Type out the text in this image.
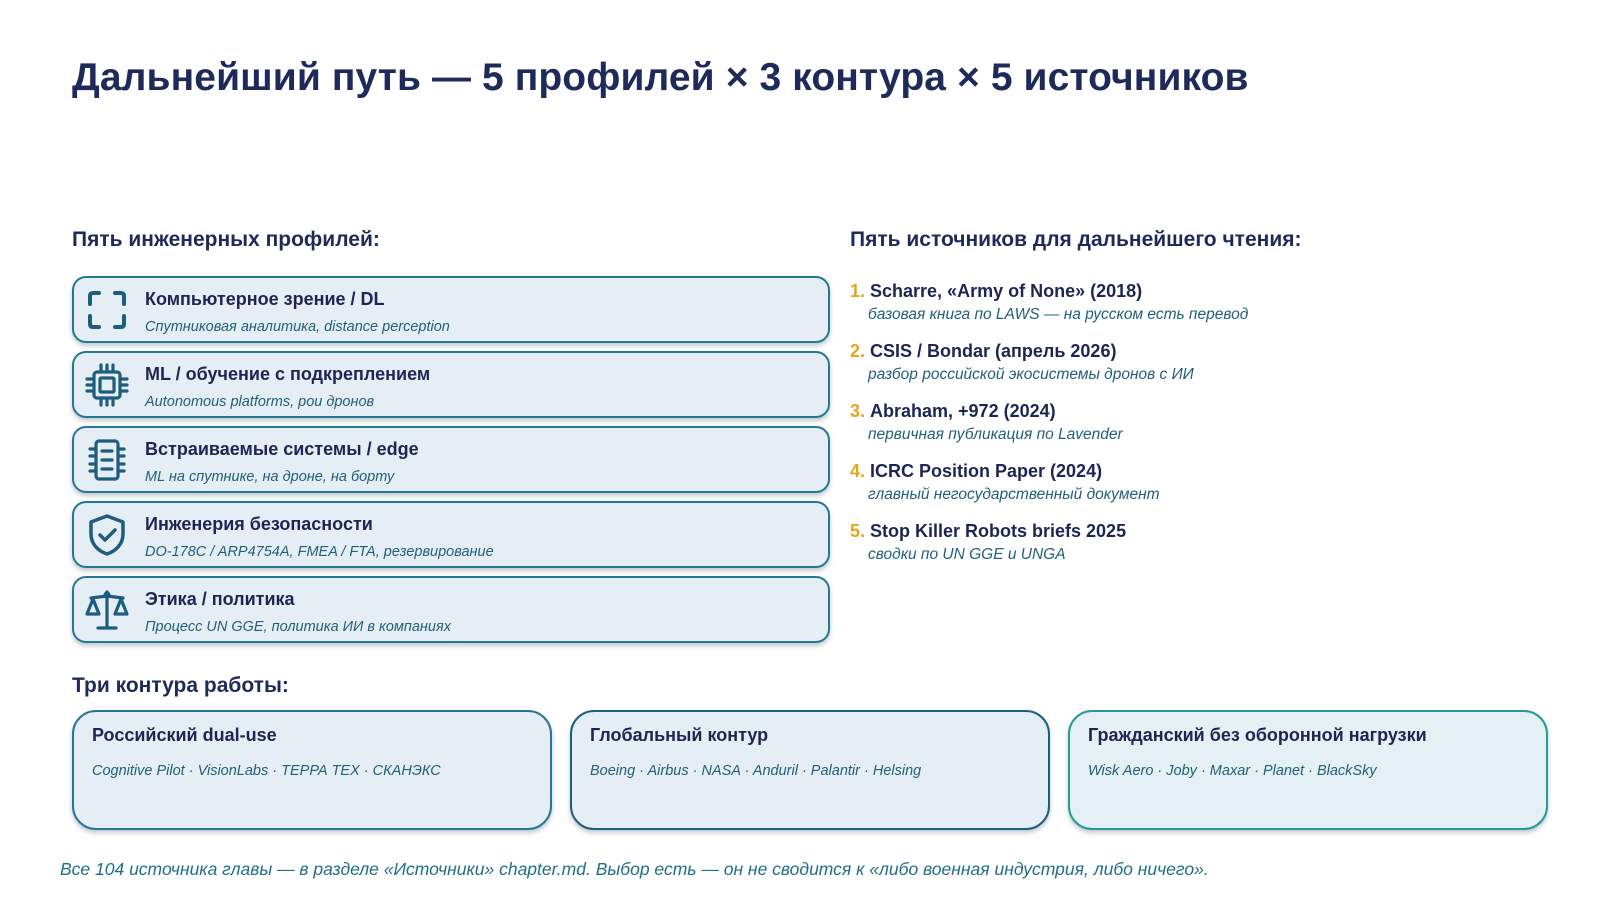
Дальнейший путь — 5 профилей × 3 контура × 5 источников
Пять инженерных профилей:
Компьютерное зрение / DL
Спутниковая аналитика, distance perception
ML / обучение с подкреплением
Autonomous platforms, рои дронов
Встраиваемые системы / edge
ML на спутнике, на дроне, на борту
Инженерия безопасности
DO-178C / ARP4754A, FMEA / FTA, резервирование
Этика / политика
Процесс UN GGE, политика ИИ в компаниях
Пять источников для дальнейшего чтения:
1. Scharre, «Army of None» (2018)
базовая книга по LAWS — на русском есть перевод
2. CSIS / Bondar (апрель 2026)
разбор российской экосистемы дронов с ИИ
3. Abraham, +972 (2024)
первичная публикация по Lavender
4. ICRC Position Paper (2024)
главный негосударственный документ
5. Stop Killer Robots briefs 2025
сводки по UN GGE и UNGA
Три контура работы:
Российский dual-use
Cognitive Pilot · VisionLabs · ТЕРРА ТЕХ · СКАНЭКС
Глобальный контур
Boeing · Airbus · NASA · Anduril · Palantir · Helsing
Гражданский без оборонной нагрузки
Wisk Aero · Joby · Maxar · Planet · BlackSky

Все 104 источника главы — в разделе «Источники» chapter.md. Выбор есть — он не сводится к «либо военная индустрия, либо ничего».
